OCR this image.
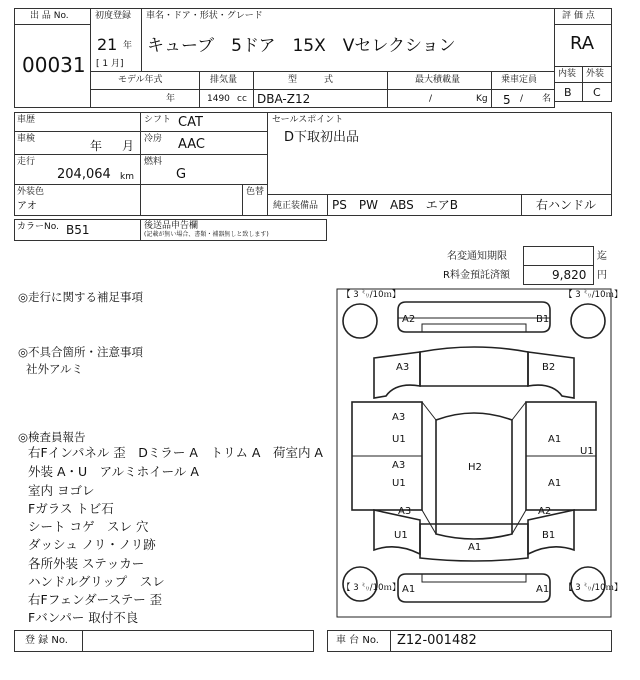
出 品 No.
00031
初度登録
21 年
[ 1 月]
車名・ドア・形状・グレード
キューブ　5ドア　15X　Vセレクション
評 価 点
RA
内装 外装
B C
モデル年式
年
排気量
1490 cc
型　　　式
DBA-Z12
最大積載量
/	Kg
乗車定員
5 / 名
車歴
車検	年 月
走行
204,064 km
シフト CAT
冷房 AAC
燃料
G
セールスポイント
D下取初出品
外装色
アオ
色替
純正装備品 PS　PW　ABS　エアB	右ハンドル
カラーNo. B51	後送品申告欄
(記載が無い場合、書類・補器無しと致します)
名変通知期限	迄
R料金預託済額	9,820 円
◎走行に関する補足事項
◎不具合箇所・注意事項
社外アルミ
◎検査員報告
右Fインパネル 歪　Dミラー A　トリム A　荷室内 A
外装 A・U　アルミホイール A
室内 ヨゴレ
Fガラス トビ石
シート コゲ　スレ 穴
ダッシュ ノリ・ノリ跡
各所外装 ステッカー
ハンドルグリップ　スレ
右Fフェンダーステー 歪
Fバンパー 取付不良
【 3 ㍉/10ｍ】	【 3 ㍉/10ｍ】
【 3 ㍉/10ｍ】	【 3 ㍉/10ｍ】
A2	B1
A3	B2
A3
U1
A3
U1
H2
A1
A1
U1
A3
U1
A2
B1
A1
A1	A1
登 録 No.	車 台 No. Z12-001482
